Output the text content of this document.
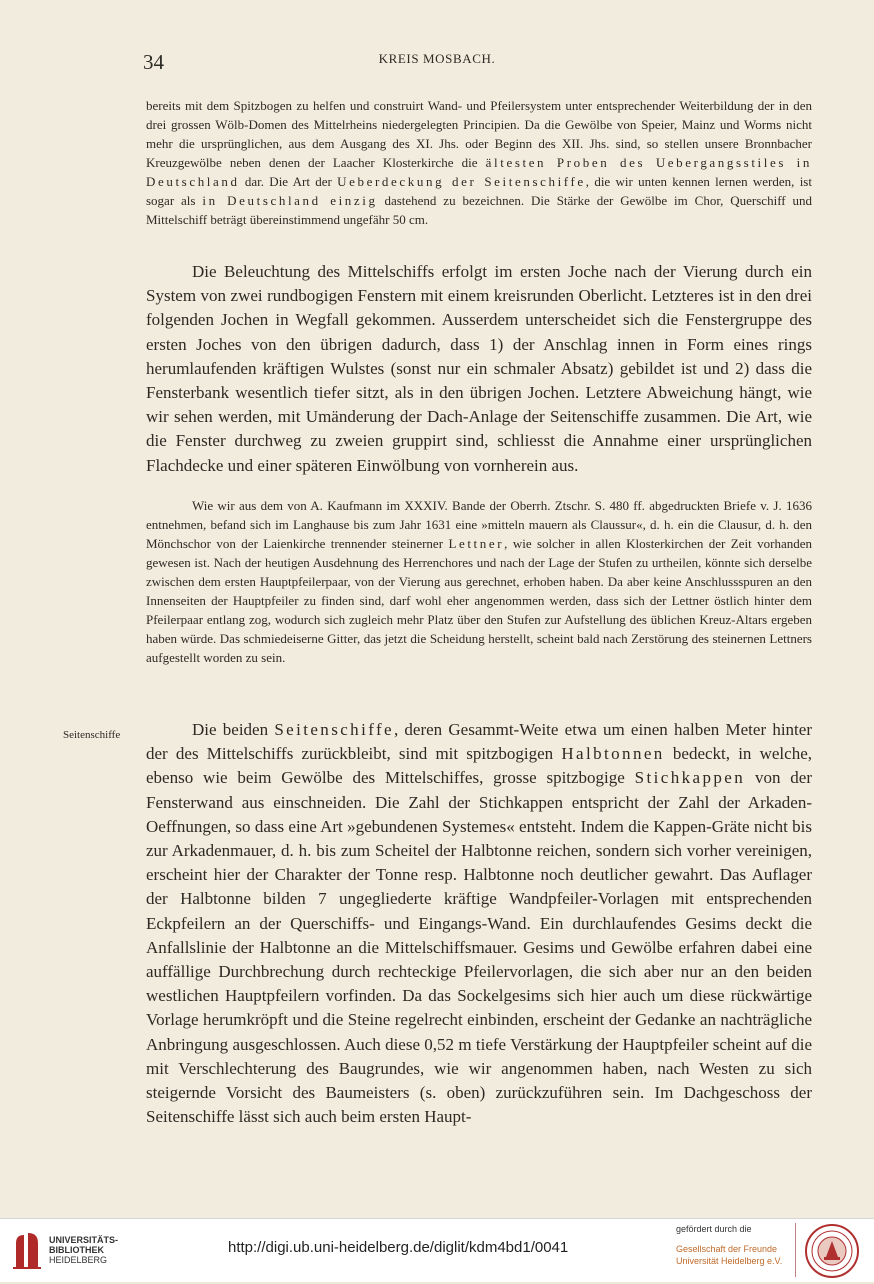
34	KREIS MOSBACH.

bereits mit dem Spitzbogen zu helfen und construirt Wand- und Pfeilersystem unter entsprechender Weiterbildung der in den drei grossen Wölb-Domen des Mittelrheins niedergelegten Principien. Da die Gewölbe von Speier, Mainz und Worms nicht mehr die ursprünglichen, aus dem Ausgang des XI. Jhs. oder Beginn des XII. Jhs. sind, so stellen unsere Bronnbacher Kreuzgewölbe neben denen der Laacher Klosterkirche die ältesten Proben des Uebergangsstiles in Deutschland dar. Die Art der Ueberdeckung der Seitenschiffe, die wir unten kennen lernen werden, ist sogar als in Deutschland einzig dastehend zu bezeichnen. Die Stärke der Gewölbe im Chor, Querschiff und Mittelschiff beträgt übereinstimmend ungefähr 50 cm.

Die Beleuchtung des Mittelschiffs erfolgt im ersten Joche nach der Vierung durch ein System von zwei rundbogigen Fenstern mit einem kreisrunden Oberlicht. Letzteres ist in den drei folgenden Jochen in Wegfall gekommen. Ausserdem unterscheidet sich die Fenstergruppe des ersten Joches von den übrigen dadurch, dass 1) der Anschlag innen in Form eines rings herumlaufenden kräftigen Wulstes (sonst nur ein schmaler Absatz) gebildet ist und 2) dass die Fensterbank wesentlich tiefer sitzt, als in den übrigen Jochen. Letztere Abweichung hängt, wie wir sehen werden, mit Umänderung der Dach-Anlage der Seitenschiffe zusammen. Die Art, wie die Fenster durchweg zu zweien gruppirt sind, schliesst die Annahme einer ursprünglichen Flachdecke und einer späteren Einwölbung von vornherein aus.

Wie wir aus dem von A. Kaufmann im XXXIV. Bande der Oberrh. Ztschr. S. 480 ff. abgedruckten Briefe v. J. 1636 entnehmen, befand sich im Langhause bis zum Jahr 1631 eine »mitteln mauern als Claussur«, d. h. ein die Clausur, d. h. den Mönchschor von der Laienkirche trennender steinerner Lettner, wie solcher in allen Klosterkirchen der Zeit vorhanden gewesen ist. Nach der heutigen Ausdehnung des Herrenchores und nach der Lage der Stufen zu urtheilen, könnte sich derselbe zwischen dem ersten Hauptpfeilerpaar, von der Vierung aus gerechnet, erhoben haben. Da aber keine Anschlussspuren an den Innenseiten der Hauptpfeiler zu finden sind, darf wohl eher angenommen werden, dass sich der Lettner östlich hinter dem Pfeilerpaar entlang zog, wodurch sich zugleich mehr Platz über den Stufen zur Aufstellung des üblichen Kreuz-Altars ergeben haben würde. Das schmiedeiserne Gitter, das jetzt die Scheidung herstellt, scheint bald nach Zerstörung des steinernen Lettners aufgestellt worden zu sein.

Seitenschiffe	Die beiden Seitenschiffe, deren Gesammt-Weite etwa um einen halben Meter hinter der des Mittelschiffs zurückbleibt, sind mit spitzbogigen Halbtonnen bedeckt, in welche, ebenso wie beim Gewölbe des Mittelschiffes, grosse spitzbogige Stichkappen von der Fensterwand aus einschneiden. Die Zahl der Stichkappen entspricht der Zahl der Arkaden-Oeffnungen, so dass eine Art »gebundenen Systemes« entsteht. Indem die Kappen-Gräte nicht bis zur Arkadenmauer, d. h. bis zum Scheitel der Halbtonne reichen, sondern sich vorher vereinigen, erscheint hier der Charakter der Tonne resp. Halbtonne noch deutlicher gewahrt. Das Auflager der Halbtonne bilden 7 ungegliederte kräftige Wandpfeiler-Vorlagen mit entsprechenden Eckpfeilern an der Querschiffs- und Eingangs-Wand. Ein durchlaufendes Gesims deckt die Anfallslinie der Halbtonne an die Mittelschiffsmauer. Gesims und Gewölbe erfahren dabei eine auffällige Durchbrechung durch rechteckige Pfeilervorlagen, die sich aber nur an den beiden westlichen Hauptpfeilern vorfinden. Da das Sockelgesims sich hier auch um diese rückwärtige Vorlage herumkröpft und die Steine regelrecht einbinden, erscheint der Gedanke an nachträgliche Anbringung ausgeschlossen. Auch diese 0,52 m tiefe Verstärkung der Hauptpfeiler scheint auf die mit Verschlechterung des Baugrundes, wie wir angenommen haben, nach Westen zu sich steigernde Vorsicht des Baumeisters (s. oben) zurückzuführen sein. Im Dachgeschoss der Seitenschiffe lässt sich auch beim ersten Haupt-

UNIVERSITÄTS-
BIBLIOTHEK
HEIDELBERG
http://digi.ub.uni-heidelberg.de/diglit/kdm4bd1/0041
gefördert durch die
Gesellschaft der Freunde
Universität Heidelberg e.V.
